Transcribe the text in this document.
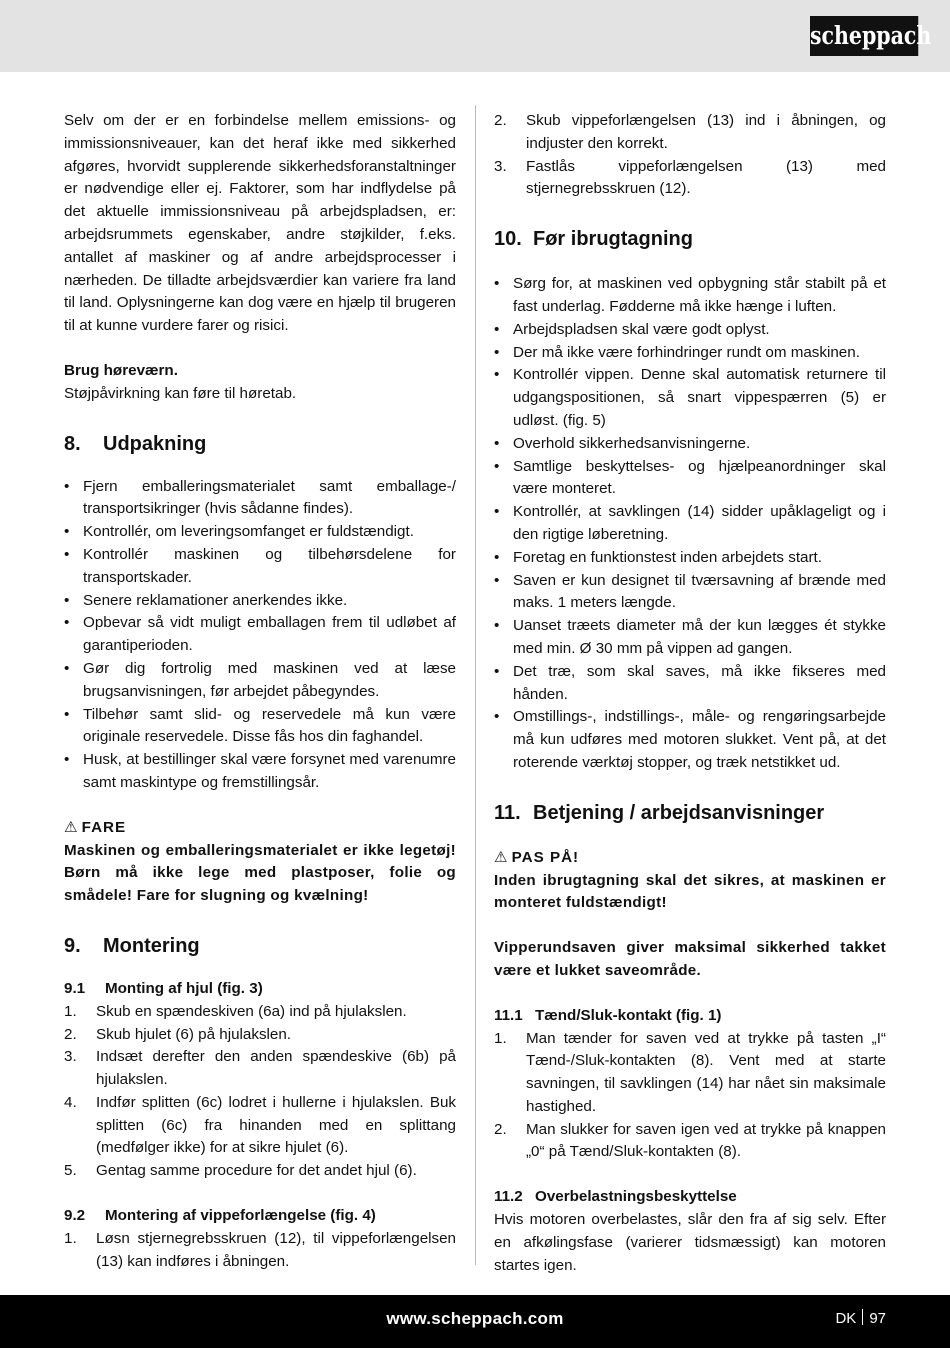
scheppach

Selv om der er en forbindelse mellem emissions- og immissionsniveauer, kan det heraf ikke med sikkerhed afgøres, hvorvidt supplerende sikkerhedsforanstaltninger er nødvendige eller ej. Faktorer, som har indflydelse på det aktuelle immissionsniveau på arbejdspladsen, er: arbejdsrummets egenskaber, andre støjkilder, f.eks. antallet af maskiner og af andre arbejdsprocesser i nærheden. De tilladte arbejdsværdier kan variere fra land til land. Oplysningerne kan dog være en hjælp til brugeren til at kunne vurdere farer og risici.

Brug høreværn.

Støjpåvirkning kan føre til høretab.

8. Udpakning
• Fjern emballeringsmaterialet samt emballage-/ transportsikringer (hvis sådanne findes).
• Kontrollér, om leveringsomfanget er fuldstændigt.
• Kontrollér maskinen og tilbehørsdelene for transportskader.
• Senere reklamationer anerkendes ikke.
• Opbevar så vidt muligt emballagen frem til udløbet af garantiperioden.
• Gør dig fortrolig med maskinen ved at læse brugsanvisningen, før arbejdet påbegyndes.
• Tilbehør samt slid- og reservedele må kun være originale reservedele. Disse fås hos din faghandel.
• Husk, at bestillinger skal være forsynet med varenumre samt maskintype og fremstillingsår.
⚠ FARE

Maskinen og emballeringsmaterialet er ikke legetøj! Børn må ikke lege med plastposer, folie og smådele! Fare for slugning og kvælning!

9. Montering
9.1 Monting af hjul (fig. 3)
1. Skub en spændeskiven (6a) ind på hjulakslen.
2. Skub hjulet (6) på hjulakslen.
3. Indsæt derefter den anden spændeskive (6b) på hjulakslen.
4. Indfør splitten (6c) lodret i hullerne i hjulakslen. Buk splitten (6c) fra hinanden med en splittang (medfølger ikke) for at sikre hjulet (6).
5. Gentag samme procedure for det andet hjul (6).
9.2 Montering af vippeforlængelse (fig. 4)
1. Løsn stjernegrebsskruen (12), til vippeforlængelsen (13) kan indføres i åbningen.
2. Skub vippeforlængelsen (13) ind i åbningen, og indjuster den korrekt.
3. Fastlås vippeforlængelsen (13) med stjernegrebsskruen (12).
10. Før ibrugtagning
• Sørg for, at maskinen ved opbygning står stabilt på et fast underlag. Fødderne må ikke hænge i luften.
• Arbejdspladsen skal være godt oplyst.
• Der må ikke være forhindringer rundt om maskinen.
• Kontrollér vippen. Denne skal automatisk returnere til udgangspositionen, så snart vippespærren (5) er udløst. (fig. 5)
• Overhold sikkerhedsanvisningerne.
• Samtlige beskyttelses- og hjælpeanordninger skal være monteret.
• Kontrollér, at savklingen (14) sidder upåklageligt og i den rigtige løberetning.
• Foretag en funktionstest inden arbejdets start.
• Saven er kun designet til tværsavning af brænde med maks. 1 meters længde.
• Uanset træets diameter må der kun lægges ét stykke med min. Ø 30 mm på vippen ad gangen.
• Det træ, som skal saves, må ikke fikseres med hånden.
• Omstillings-, indstillings-, måle- og rengøringsarbejde må kun udføres med motoren slukket. Vent på, at det roterende værktøj stopper, og træk netstikket ud.
11. Betjening / arbejdsanvisninger
⚠ PAS PÅ!

Inden ibrugtagning skal det sikres, at maskinen er monteret fuldstændigt!

Vipperundsaven giver maksimal sikkerhed takket være et lukket saveområde.

11.1 Tænd/Sluk-kontakt (fig. 1)
1. Man tænder for saven ved at trykke på tasten „I“ Tænd-/Sluk-kontakten (8). Vent med at starte savningen, til savklingen (14) har nået sin maksimale hastighed.
2. Man slukker for saven igen ved at trykke på knappen „0“ på Tænd/Sluk-kontakten (8).
11.2 Overbelastningsbeskyttelse

Hvis motoren overbelastes, slår den fra af sig selv. Efter en afkølingsfase (varierer tidsmæssigt) kan motoren startes igen.

www.scheppach.com	DK 97
